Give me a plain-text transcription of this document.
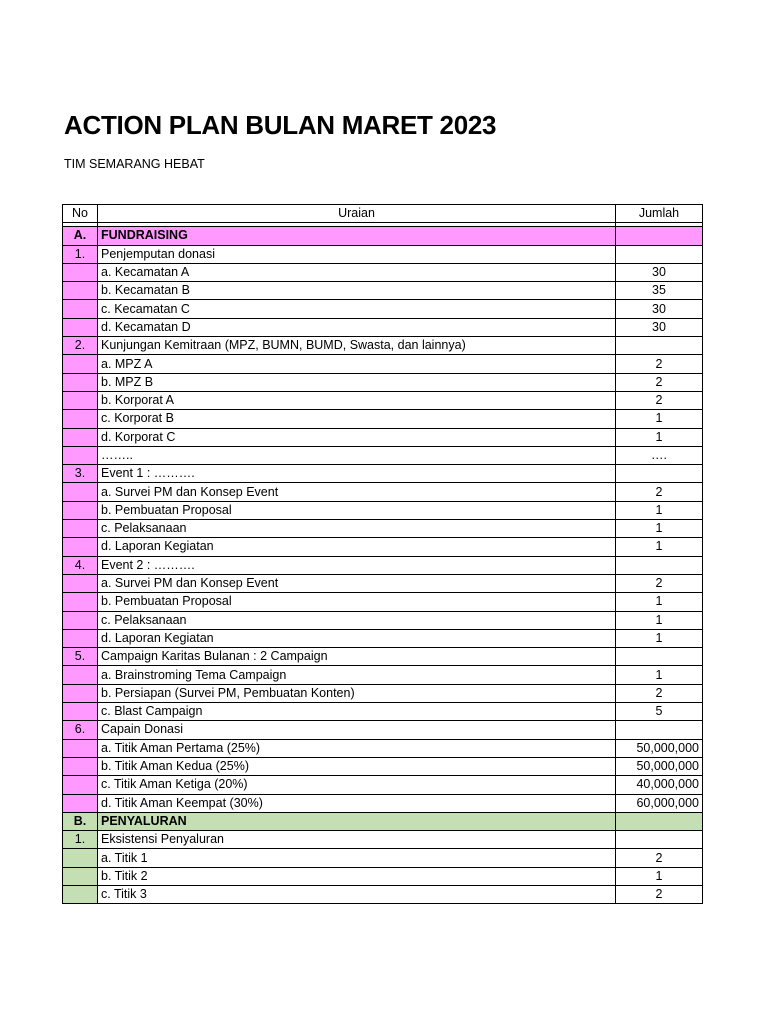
ACTION PLAN BULAN MARET 2023
TIM SEMARANG HEBAT
No	Uraian	Jumlah

A.	FUNDRAISING	
1.	Penjemputan donasi	
	a. Kecamatan A	30
	b. Kecamatan B	35
	c. Kecamatan C	30
	d. Kecamatan D	30
2.	Kunjungan Kemitraan (MPZ, BUMN, BUMD, Swasta, dan lainnya)	
	a. MPZ A	2
	b. MPZ B	2
	b. Korporat A	2
	c. Korporat B	1
	d. Korporat C	1
	……..	….
3.	Event 1 : ……….	
	a. Survei PM dan Konsep Event	2
	b. Pembuatan Proposal	1
	c. Pelaksanaan	1
	d. Laporan Kegiatan	1
4.	Event 2 : ……….	
	a. Survei PM dan Konsep Event	2
	b. Pembuatan Proposal	1
	c. Pelaksanaan	1
	d. Laporan Kegiatan	1
5.	Campaign Karitas Bulanan : 2 Campaign	
	a. Brainstroming Tema Campaign	1
	b. Persiapan (Survei PM, Pembuatan Konten)	2
	c. Blast Campaign	5
6.	Capain Donasi	
	a. Titik Aman Pertama (25%)	50,000,000
	b. Titik Aman Kedua (25%)	50,000,000
	c. Titik Aman Ketiga (20%)	40,000,000
	d. Titik Aman Keempat (30%)	60,000,000
B.	PENYALURAN	
1.	Eksistensi Penyaluran	
	a. Titik 1	2
	b. Titik 2	1
	c. Titik 3	2
